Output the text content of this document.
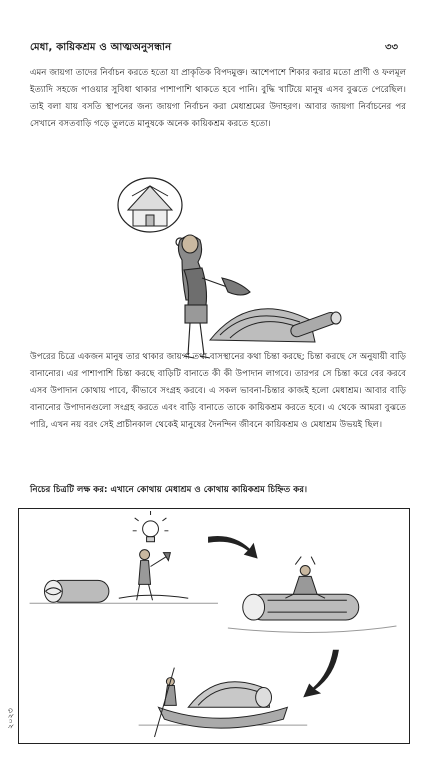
মেধা, কায়িকশ্রম ও আত্মঅনুসন্ধান	৩৩

এমন জায়গা তাদের নির্বাচন করতে হতো যা প্রাকৃতিক বিপদমুক্ত। আশেপাশে শিকার করার মতো প্রাণী ও ফলমূল ইত্যাদি সহজে পাওয়ার সুবিধা থাকার পাশাপাশি থাকতে হবে পানি। বুদ্ধি খাটিয়ে মানুষ এসব বুঝতে পেরেছিল। তাই বলা যায় বসতি স্থাপনের জন্য জায়গা নির্বাচন করা মেধাশ্রমের উদাহরণ। আবার জায়গা নির্বাচনের পর সেখানে বসতবাড়ি গড়ে তুলতে মানুষকে অনেক কায়িকশ্রম করতে হতো।

উপরের চিত্রে একজন মানুষ তার থাকার জায়গা তথা বাসস্থানের কথা চিন্তা করছে; চিন্তা করছে সে অনুযায়ী বাড়ি বানানোর। এর পাশাপাশি চিন্তা করছে বাড়িটি বানাতে কী কী উপাদান লাগবে। তারপর সে চিন্তা করে বের করবে এসব উপাদান কোথায় পাবে, কীভাবে সংগ্রহ করবে। এ সকল ভাবনা-চিন্তার কাজই হলো মেধাশ্রম। আবার বাড়ি বানানোর উপাদানগুলো সংগ্রহ করতে এবং বাড়ি বানাতে তাকে কায়িকশ্রম করতে হবে। এ থেকে আমরা বুঝতে পারি, এখন নয় বরং সেই প্রাচীনকাল থেকেই মানুষের দৈনন্দিন জীবনে কায়িকশ্রম ও মেধাশ্রম উভয়ই ছিল।

নিচের চিত্রটি লক্ষ কর: এখানে কোথায় মেধাশ্রম ও কোথায় কায়িকশ্রম চিহ্নিত কর।

২০২৩
